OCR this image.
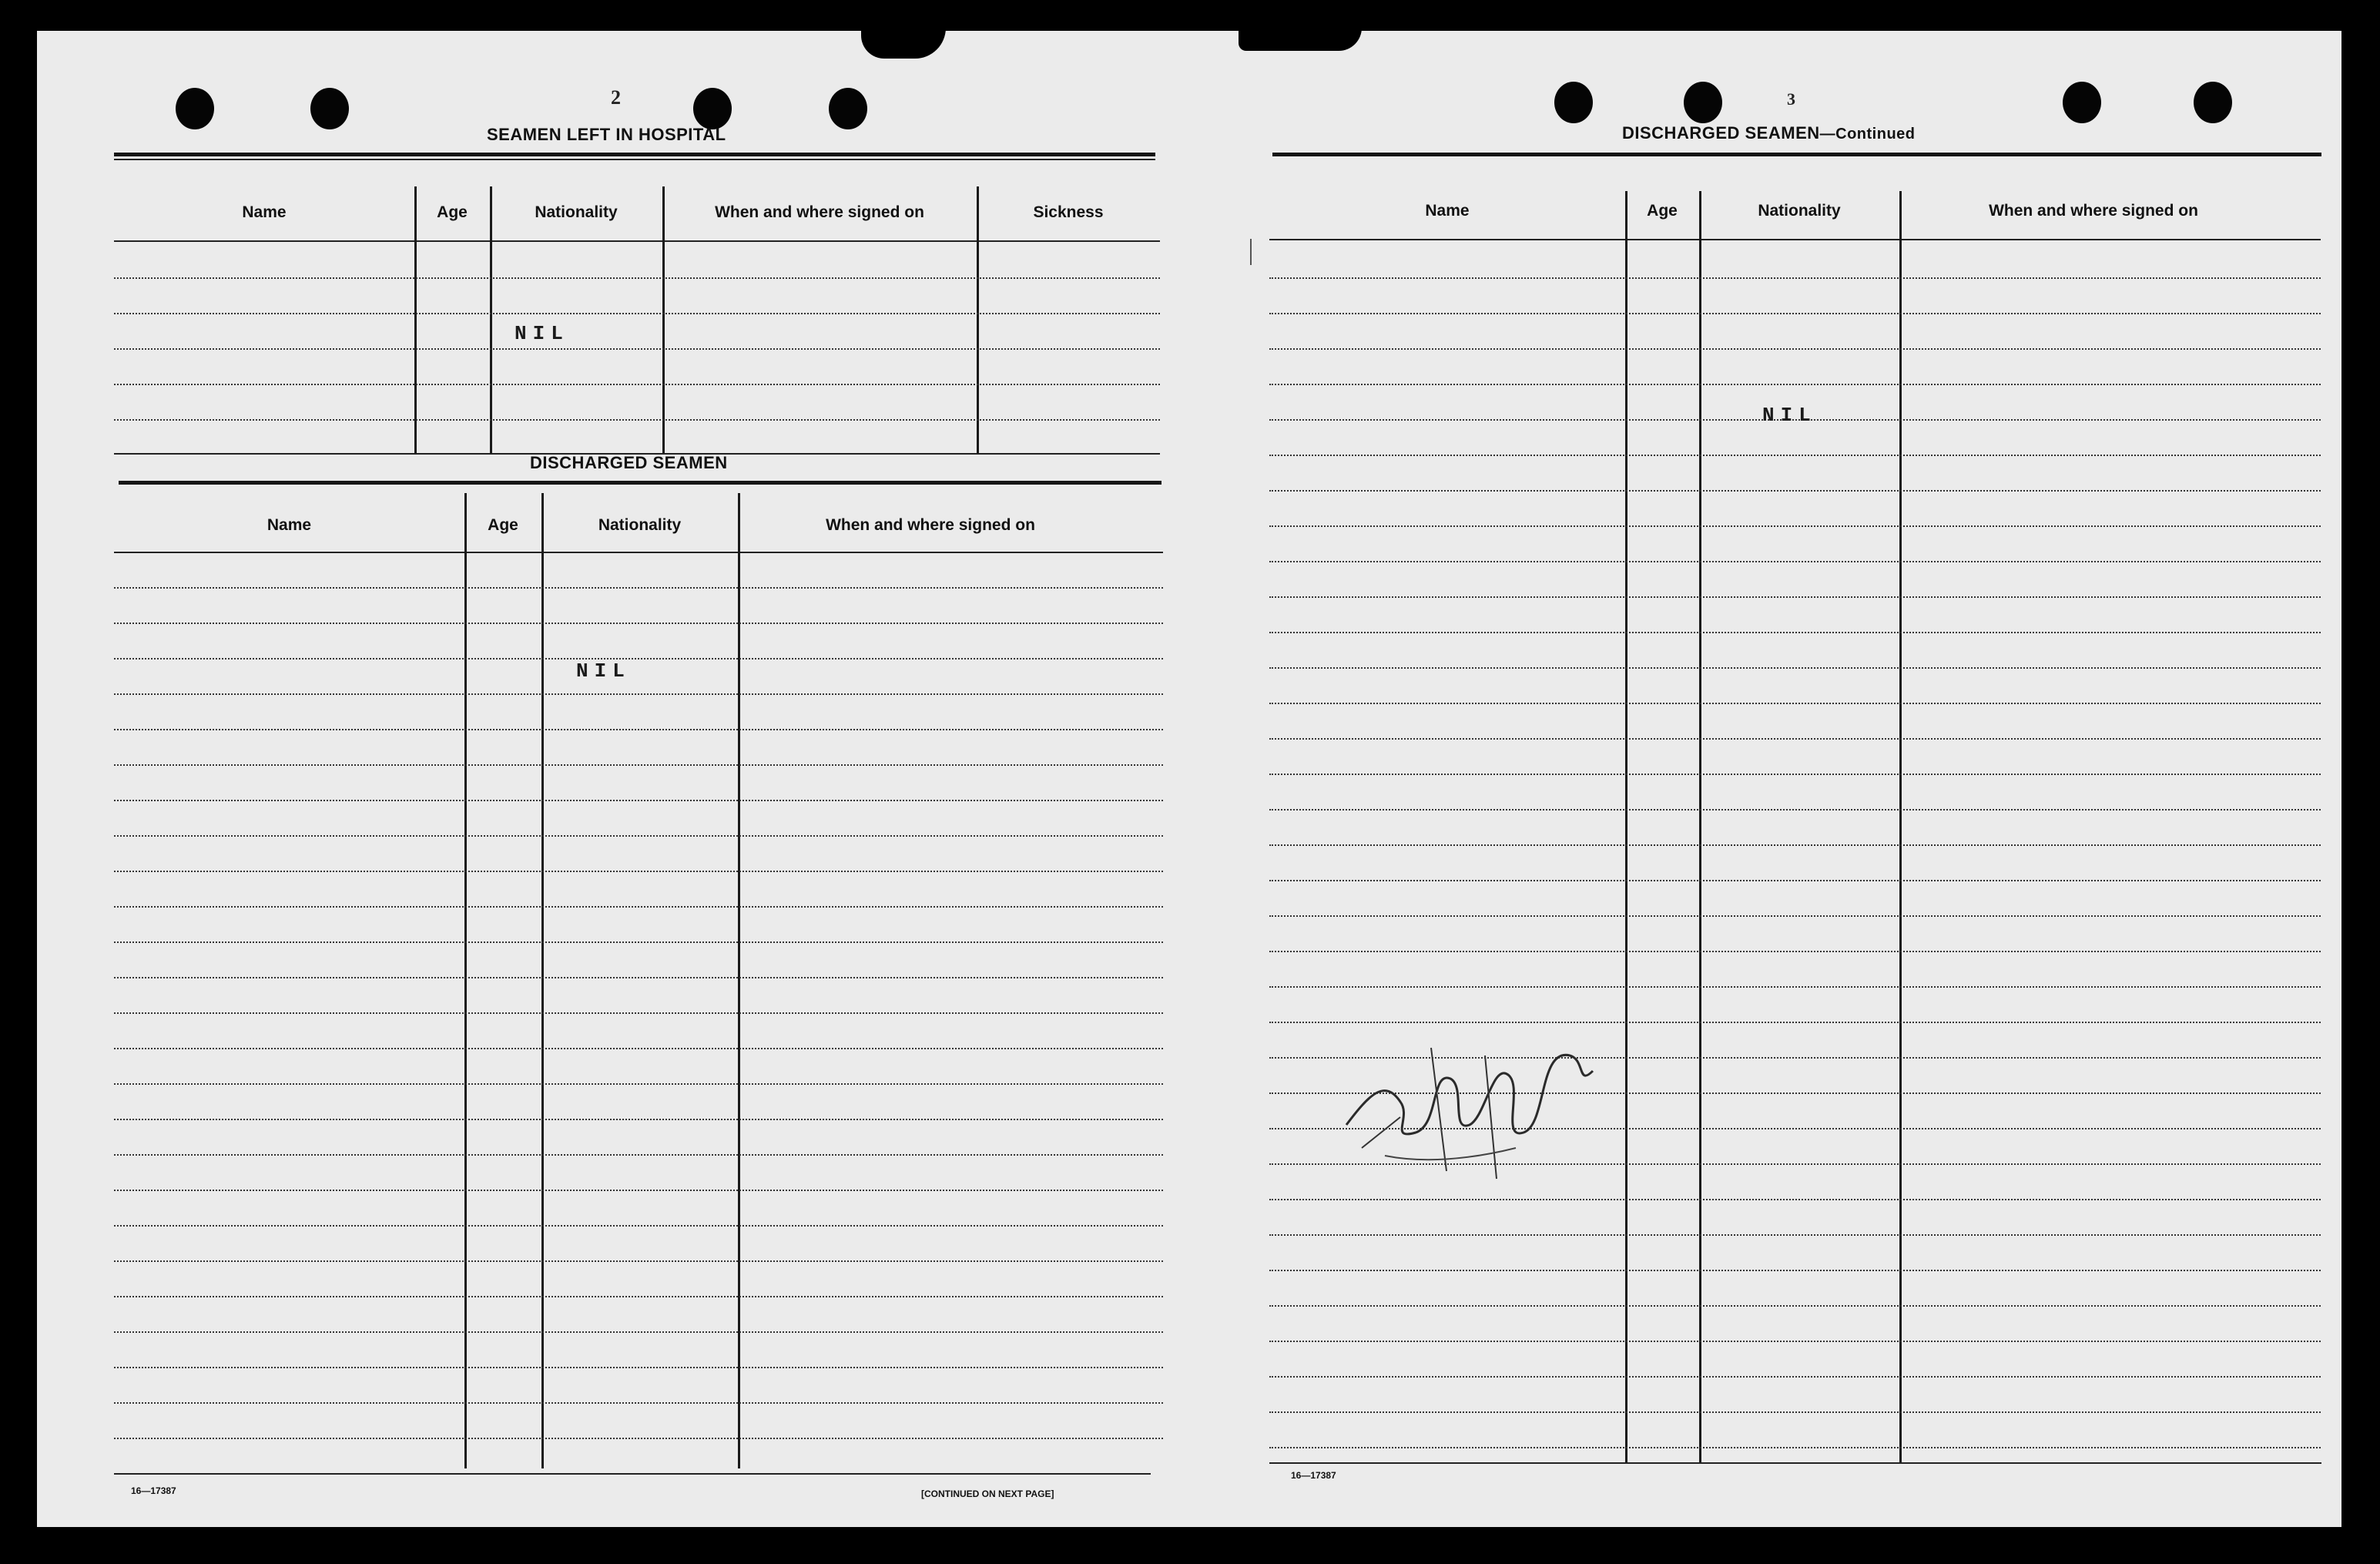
2
SEAMEN LEFT IN HOSPITAL
Name	Age	Nationality	When and where signed on	Sickness
NIL
DISCHARGED SEAMEN
Name	Age	Nationality	When and where signed on
NIL
16—17387	[CONTINUED ON NEXT PAGE]
3
DISCHARGED SEAMEN—Continued
Name	Age	Nationality	When and where signed on
NIL
16—17387
